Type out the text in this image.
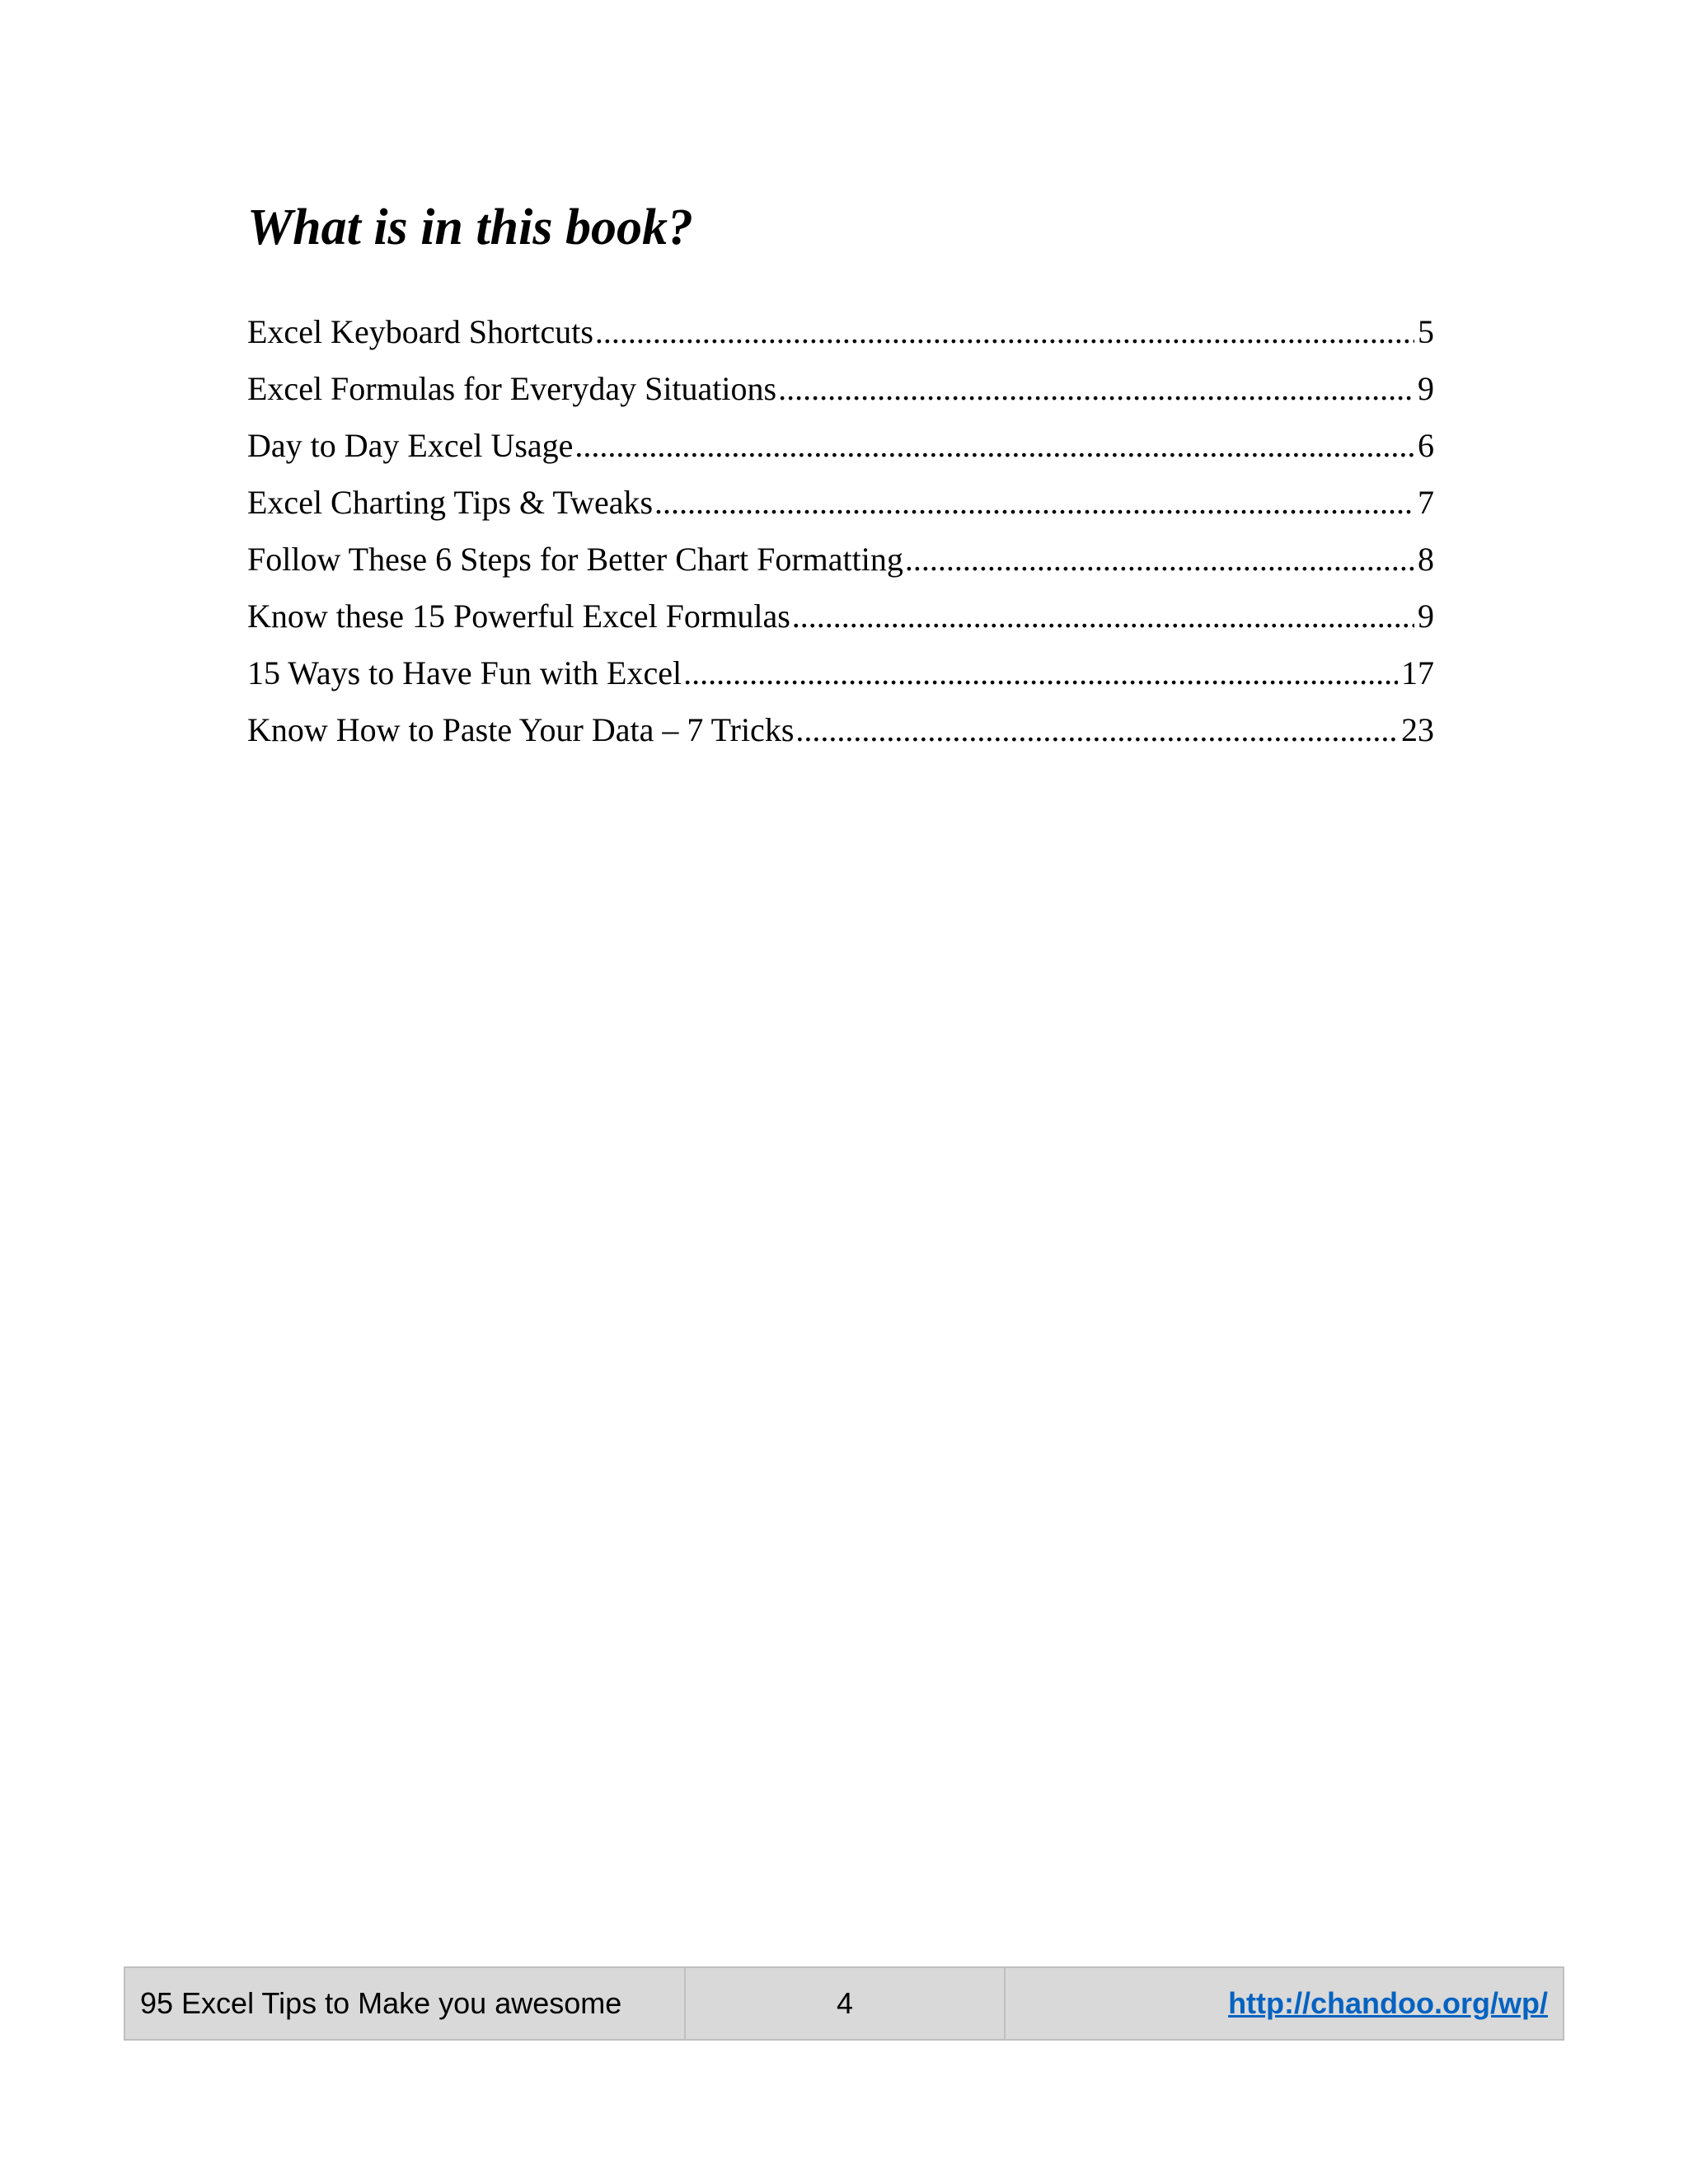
What is in this book?
Excel Keyboard Shortcuts .....	5
Excel Formulas for Everyday Situations .....	9
Day to Day Excel Usage .....	6
Excel Charting Tips & Tweaks .....	7
Follow These 6 Steps for Better Chart Formatting .....	8
Know these 15 Powerful Excel Formulas .....	9
15 Ways to Have Fun with Excel .....	17
Know How to Paste Your Data – 7 Tricks .....	23
95 Excel Tips to Make you awesome	4	http://chandoo.org/wp/
